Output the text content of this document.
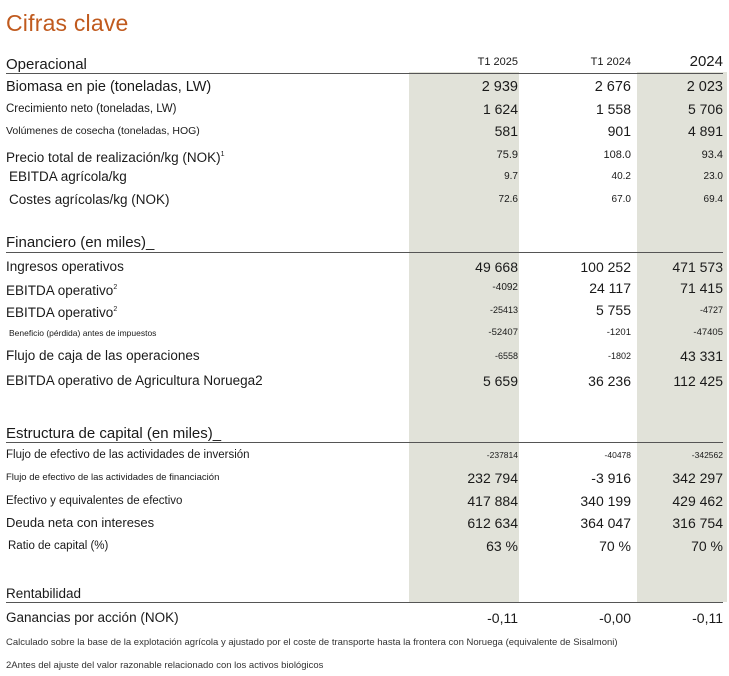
Cifras clave
T1 2025	T1 2024	2024
Operacional
Biomasa en pie (toneladas, LW)	2 939	2 676	2 023
Crecimiento neto (toneladas, LW)	1 624	1 558	5 706
Volúmenes de cosecha (toneladas, HOG)	581	901	4 891
Precio total de realización/kg (NOK)$^1$	75.9	108.0	93.4
EBITDA agrícola/kg	9.7	40.2	23.0
Costes agrícolas/kg (NOK)	72.6	67.0	69.4
Financiero (en miles)_
Ingresos operativos	49 668	100 252	471 573
EBITDA operativo$^2$	-4092	24 117	71 415
EBITDA operativo$^2$	-25413	5 755	-4727
Beneficio (pérdida) antes de impuestos	-52407	-1201	-47405
Flujo de caja de las operaciones	-6558	-1802	43 331
EBITDA operativo de Agricultura Noruega2	5 659	36 236	112 425
Estructura de capital (en miles)_
Flujo de efectivo de las actividades de inversión	-237814	-40478	-342562
Flujo de efectivo de las actividades de financiación	232 794	-3 916	342 297
Efectivo y equivalentes de efectivo	417 884	340 199	429 462
Deuda neta con intereses	612 634	364 047	316 754
Ratio de capital (%)	63 %	70 %	70 %
Rentabilidad
Ganancias por acción (NOK)	-0,11	-0,00	-0,11
Calculado sobre la base de la explotación agrícola y ajustado por el coste de transporte hasta la frontera con Noruega (equivalente de Sisalmoni)
2Antes del ajuste del valor razonable relacionado con los activos biológicos
